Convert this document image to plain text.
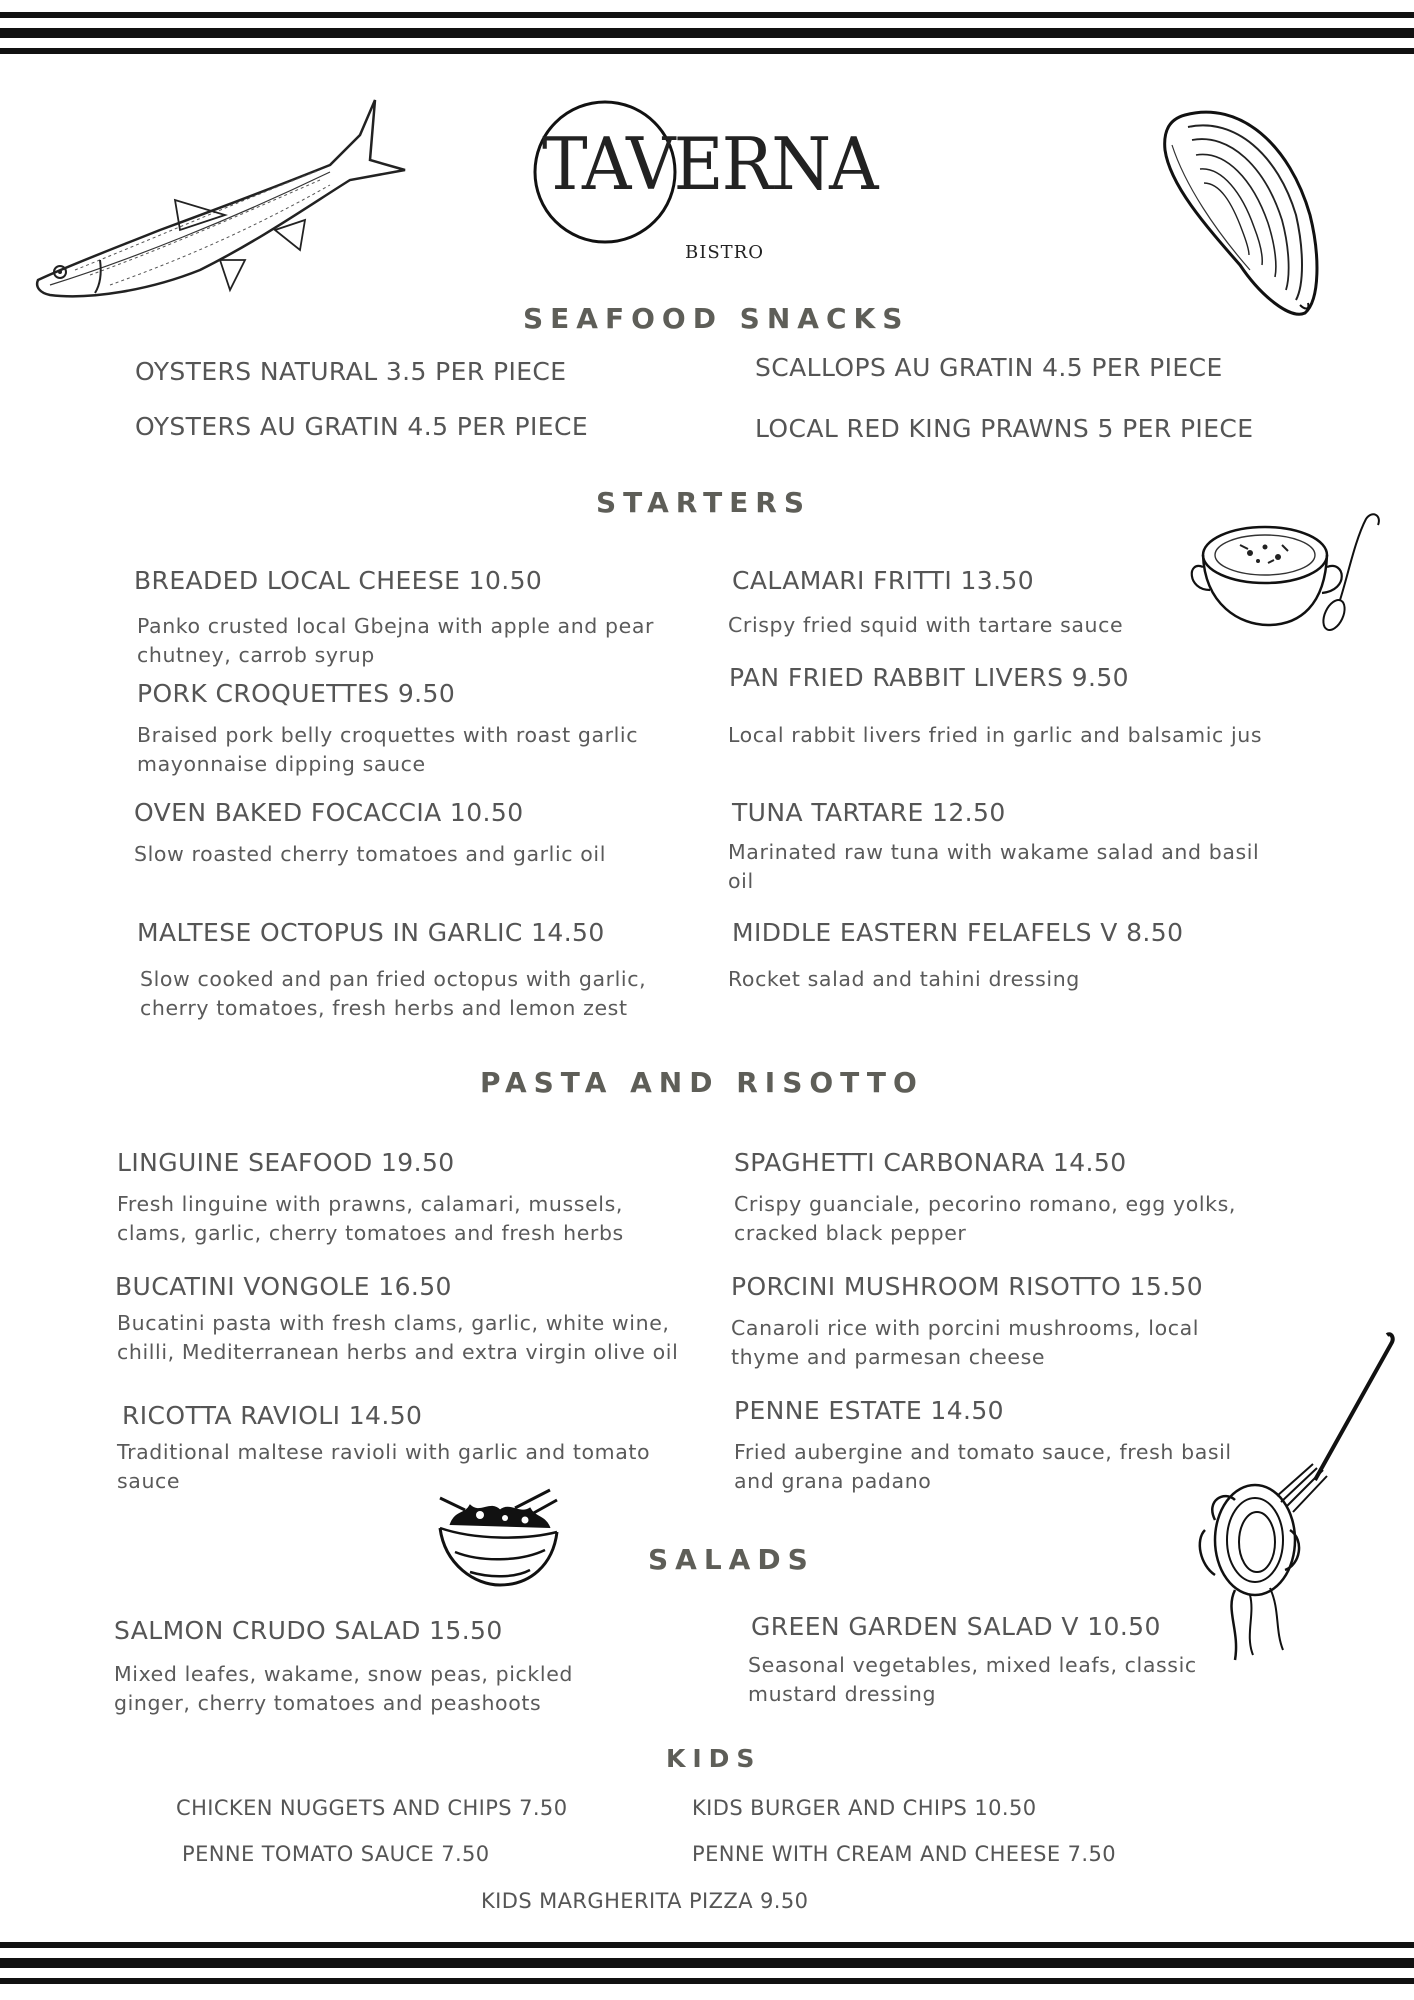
TAVERNA
BISTRO
SEAFOOD SNACKS
OYSTERS NATURAL 3.5 PER PIECE
OYSTERS AU GRATIN 4.5 PER PIECE
SCALLOPS AU GRATIN 4.5 PER PIECE
LOCAL RED KING PRAWNS 5 PER PIECE
STARTERS
BREADED LOCAL CHEESE 10.50
Panko crusted local Gbejna with apple and pear chutney, carrob syrup
PORK CROQUETTES 9.50
Braised pork belly croquettes with roast garlic mayonnaise dipping sauce
OVEN BAKED FOCACCIA 10.50
Slow roasted cherry tomatoes and garlic oil
MALTESE OCTOPUS IN GARLIC 14.50
Slow cooked and pan fried octopus with garlic, cherry tomatoes, fresh herbs and lemon zest
CALAMARI FRITTI 13.50
Crispy fried squid with tartare sauce
PAN FRIED RABBIT LIVERS 9.50
Local rabbit livers fried in garlic and balsamic jus
TUNA TARTARE 12.50
Marinated raw tuna with wakame salad and basil oil
MIDDLE EASTERN FELAFELS V 8.50
Rocket salad and tahini dressing
PASTA AND RISOTTO
LINGUINE SEAFOOD 19.50
Fresh linguine with prawns, calamari, mussels, clams, garlic, cherry tomatoes and fresh herbs
BUCATINI VONGOLE 16.50
Bucatini pasta with fresh clams, garlic, white wine, chilli, Mediterranean herbs and extra virgin olive oil
RICOTTA RAVIOLI 14.50
Traditional maltese ravioli with garlic and tomato sauce
SPAGHETTI CARBONARA 14.50
Crispy guanciale, pecorino romano, egg yolks, cracked black pepper
PORCINI MUSHROOM RISOTTO 15.50
Canaroli rice with porcini mushrooms, local thyme and parmesan cheese
PENNE ESTATE 14.50
Fried aubergine and tomato sauce, fresh basil and grana padano
SALADS
SALMON CRUDO SALAD 15.50
Mixed leafes, wakame, snow peas, pickled ginger, cherry tomatoes and peashoots
GREEN GARDEN SALAD V 10.50
Seasonal vegetables, mixed leafs, classic mustard dressing
KIDS
CHICKEN NUGGETS AND CHIPS 7.50	KIDS BURGER AND CHIPS 10.50
PENNE TOMATO SAUCE 7.50	PENNE WITH CREAM AND CHEESE 7.50
KIDS MARGHERITA PIZZA 9.50
